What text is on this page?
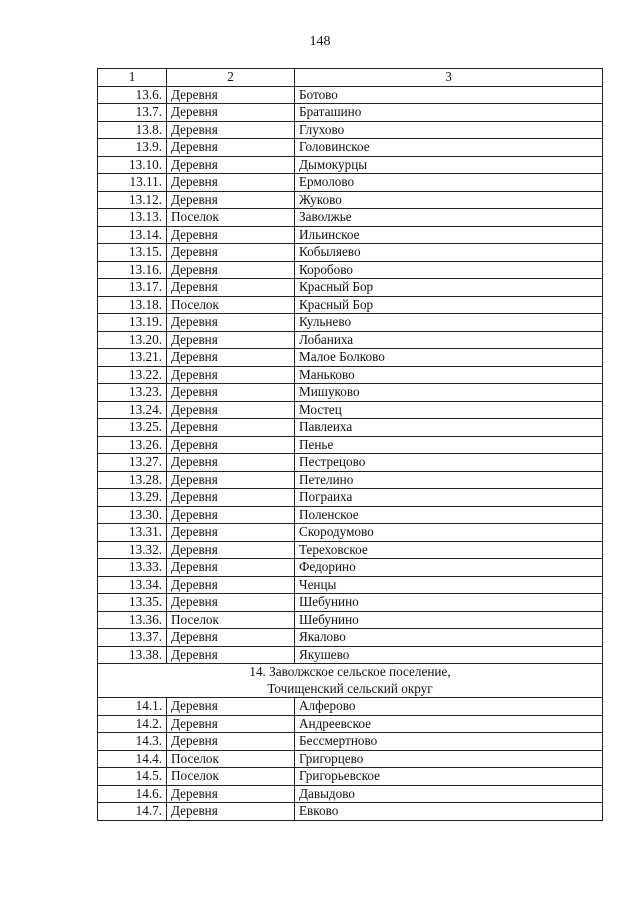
148
1	2	3
13.6.	Деревня	Ботово
13.7.	Деревня	Браташино
13.8.	Деревня	Глухово
13.9.	Деревня	Головинское
13.10.	Деревня	Дымокурцы
13.11.	Деревня	Ермолово
13.12.	Деревня	Жуково
13.13.	Поселок	Заволжье
13.14.	Деревня	Ильинское
13.15.	Деревня	Кобыляево
13.16.	Деревня	Коробово
13.17.	Деревня	Красный Бор
13.18.	Поселок	Красный Бор
13.19.	Деревня	Кульнево
13.20.	Деревня	Лобаниха
13.21.	Деревня	Малое Болково
13.22.	Деревня	Маньково
13.23.	Деревня	Мишуково
13.24.	Деревня	Мостец
13.25.	Деревня	Павлеиха
13.26.	Деревня	Пенье
13.27.	Деревня	Пестрецово
13.28.	Деревня	Петелино
13.29.	Деревня	Пограиха
13.30.	Деревня	Поленское
13.31.	Деревня	Скородумово
13.32.	Деревня	Тереховское
13.33.	Деревня	Федорино
13.34.	Деревня	Ченцы
13.35.	Деревня	Шебунино
13.36.	Поселок	Шебунино
13.37.	Деревня	Якалово
13.38.	Деревня	Якушево

14. Заволжское сельское поселение,
Точищенский сельский округ		

14.1.	Деревня	Алферово
14.2.	Деревня	Андреевское
14.3.	Деревня	Бессмертново
14.4.	Поселок	Григорцево
14.5.	Поселок	Григорьевское
14.6.	Деревня	Давыдово
14.7.	Деревня	Евково
